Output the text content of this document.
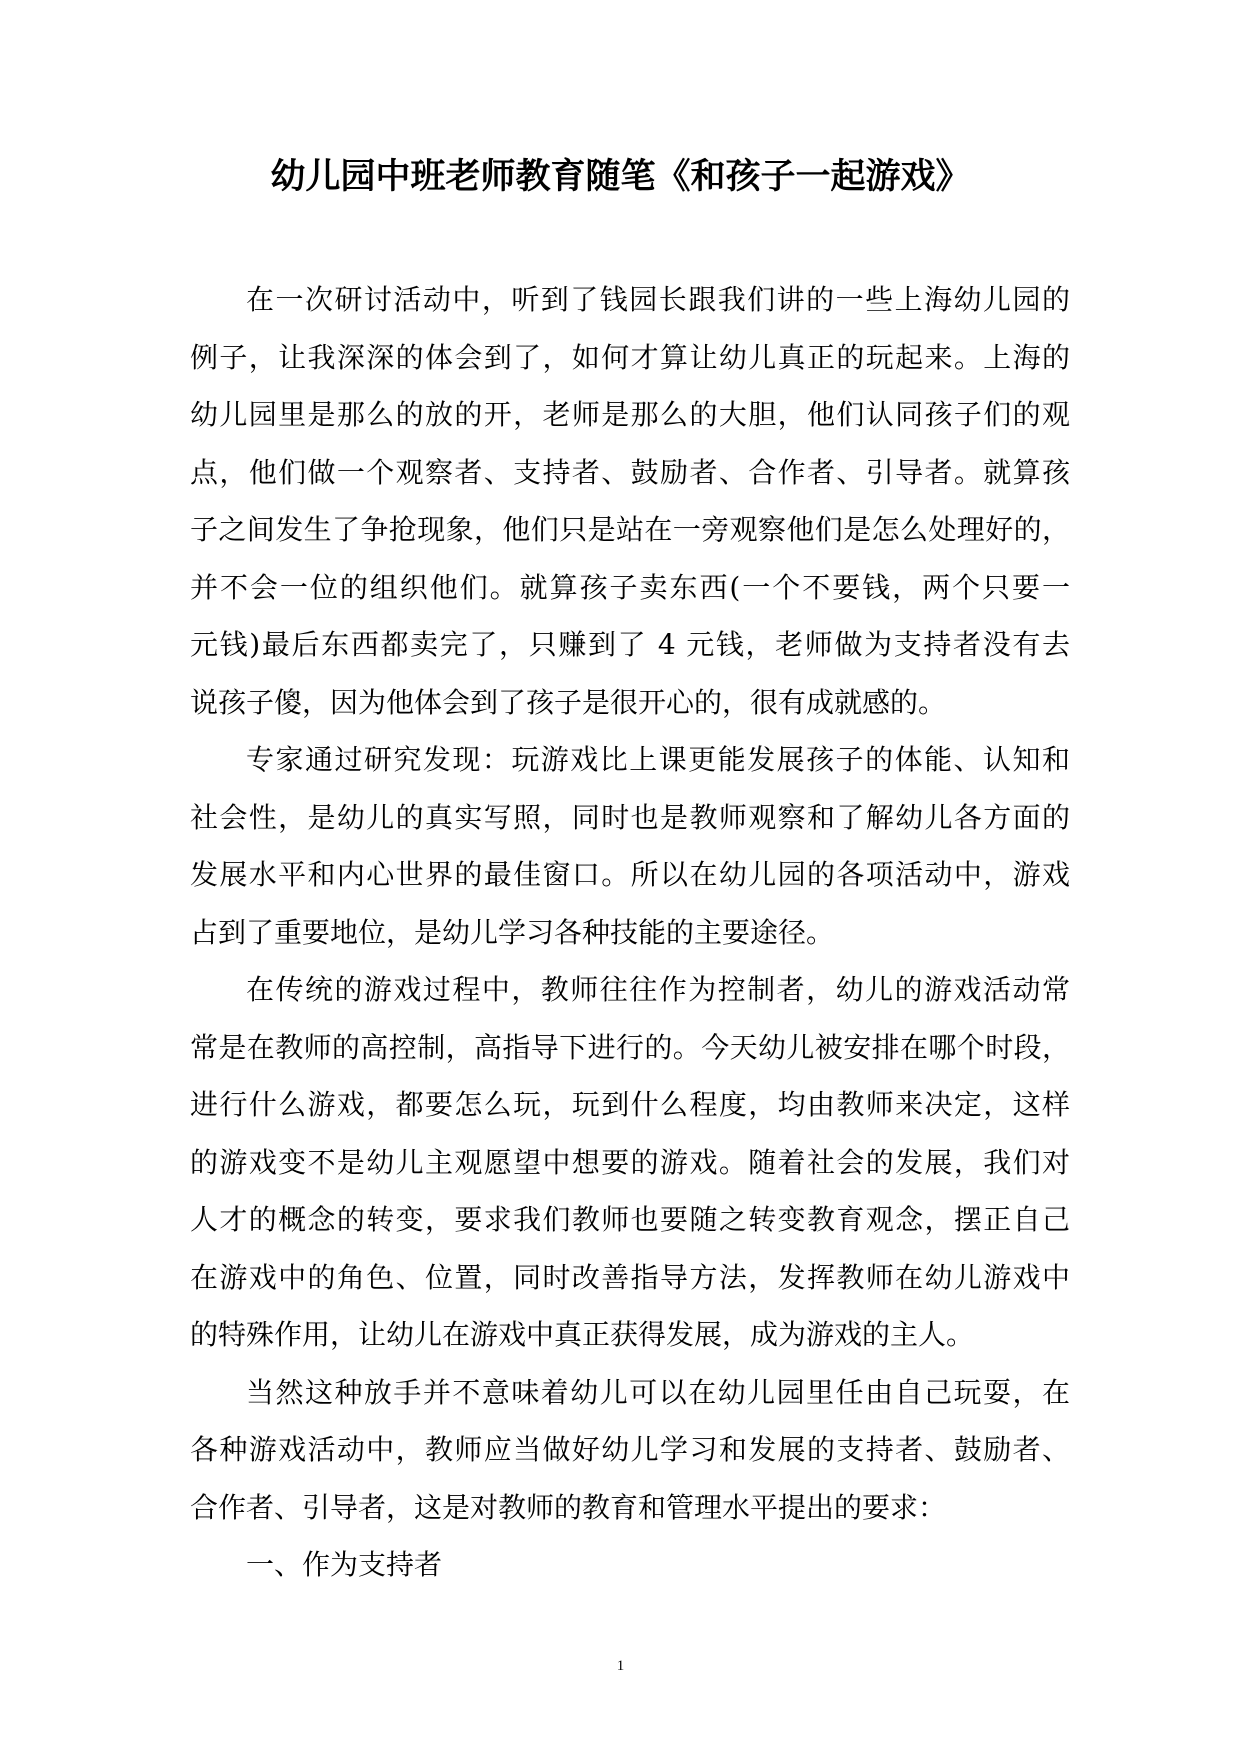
幼儿园中班老师教育随笔《和孩子一起游戏》
在一次研讨活动中，听到了钱园长跟我们讲的一些上海幼儿园的
例子，让我深深的体会到了，如何才算让幼儿真正的玩起来。上海的
幼儿园里是那么的放的开，老师是那么的大胆，他们认同孩子们的观
点，他们做一个观察者、支持者、鼓励者、合作者、引导者。就算孩
子之间发生了争抢现象，他们只是站在一旁观察他们是怎么处理好的，
并不会一位的组织他们。就算孩子卖东西(一个不要钱，两个只要一
元钱)最后东西都卖完了，只赚到了 4 元钱，老师做为支持者没有去
说孩子傻，因为他体会到了孩子是很开心的，很有成就感的。
专家通过研究发现：玩游戏比上课更能发展孩子的体能、认知和
社会性，是幼儿的真实写照，同时也是教师观察和了解幼儿各方面的
发展水平和内心世界的最佳窗口。所以在幼儿园的各项活动中，游戏
占到了重要地位，是幼儿学习各种技能的主要途径。
在传统的游戏过程中，教师往往作为控制者，幼儿的游戏活动常
常是在教师的高控制，高指导下进行的。今天幼儿被安排在哪个时段，
进行什么游戏，都要怎么玩，玩到什么程度，均由教师来决定，这样
的游戏变不是幼儿主观愿望中想要的游戏。随着社会的发展，我们对
人才的概念的转变，要求我们教师也要随之转变教育观念，摆正自己
在游戏中的角色、位置，同时改善指导方法，发挥教师在幼儿游戏中
的特殊作用，让幼儿在游戏中真正获得发展，成为游戏的主人。
当然这种放手并不意味着幼儿可以在幼儿园里任由自己玩耍，在
各种游戏活动中，教师应当做好幼儿学习和发展的支持者、鼓励者、
合作者、引导者，这是对教师的教育和管理水平提出的要求：
一、作为支持者
1
